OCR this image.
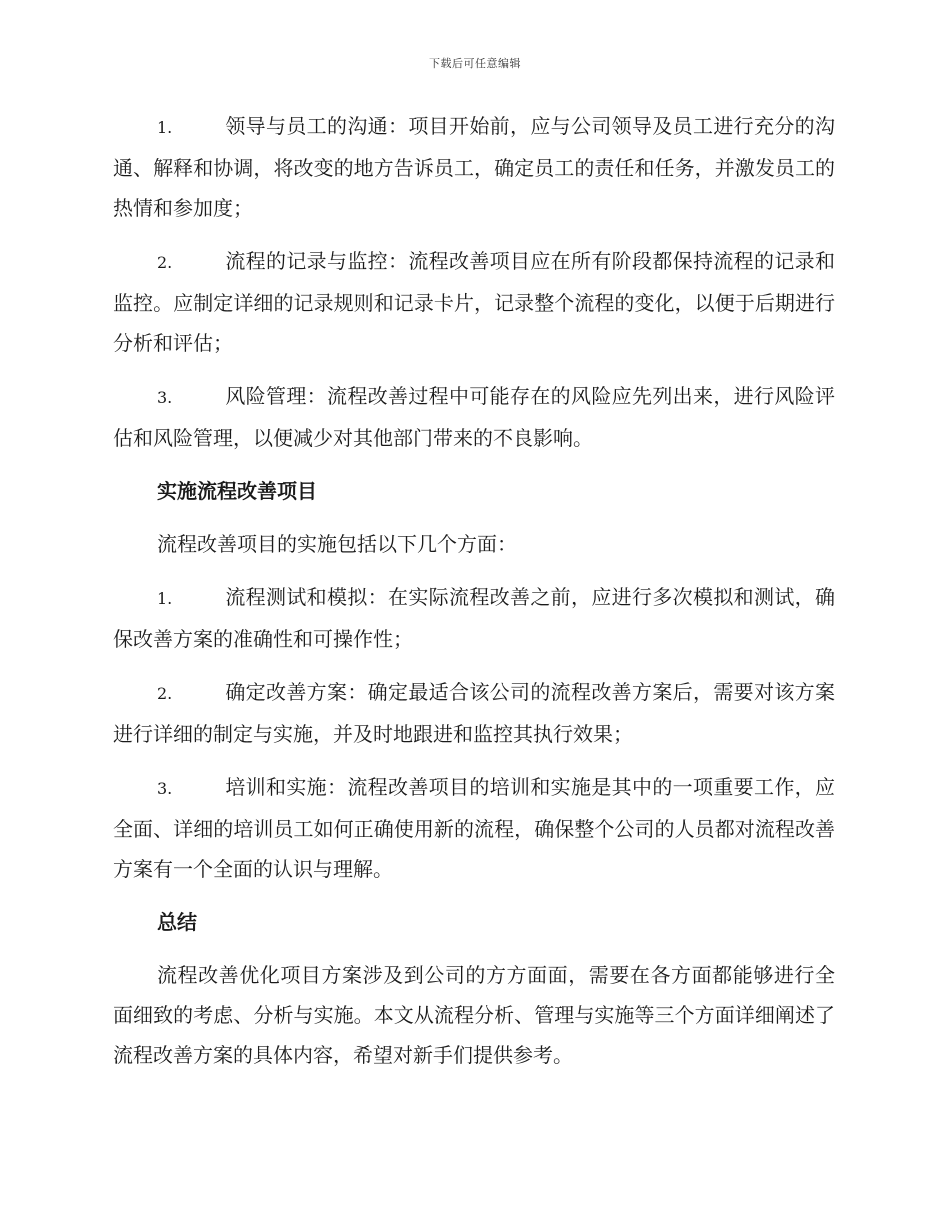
下载后可任意编辑

1.	领导与员工的沟通：项目开始前，应与公司领导及员工进行充分的沟通、解释和协调，将改变的地方告诉员工，确定员工的责任和任务，并激发员工的热情和参加度；

2.	流程的记录与监控：流程改善项目应在所有阶段都保持流程的记录和监控。应制定详细的记录规则和记录卡片，记录整个流程的变化，以便于后期进行分析和评估；

3.	风险管理：流程改善过程中可能存在的风险应先列出来，进行风险评估和风险管理，以便减少对其他部门带来的不良影响。

实施流程改善项目

流程改善项目的实施包括以下几个方面：

1.	流程测试和模拟：在实际流程改善之前，应进行多次模拟和测试，确保改善方案的准确性和可操作性；

2.	确定改善方案：确定最适合该公司的流程改善方案后，需要对该方案进行详细的制定与实施，并及时地跟进和监控其执行效果；

3.	培训和实施：流程改善项目的培训和实施是其中的一项重要工作，应全面、详细的培训员工如何正确使用新的流程，确保整个公司的人员都对流程改善方案有一个全面的认识与理解。

总结

流程改善优化项目方案涉及到公司的方方面面，需要在各方面都能够进行全面细致的考虑、分析与实施。本文从流程分析、管理与实施等三个方面详细阐述了流程改善方案的具体内容，希望对新手们提供参考。
